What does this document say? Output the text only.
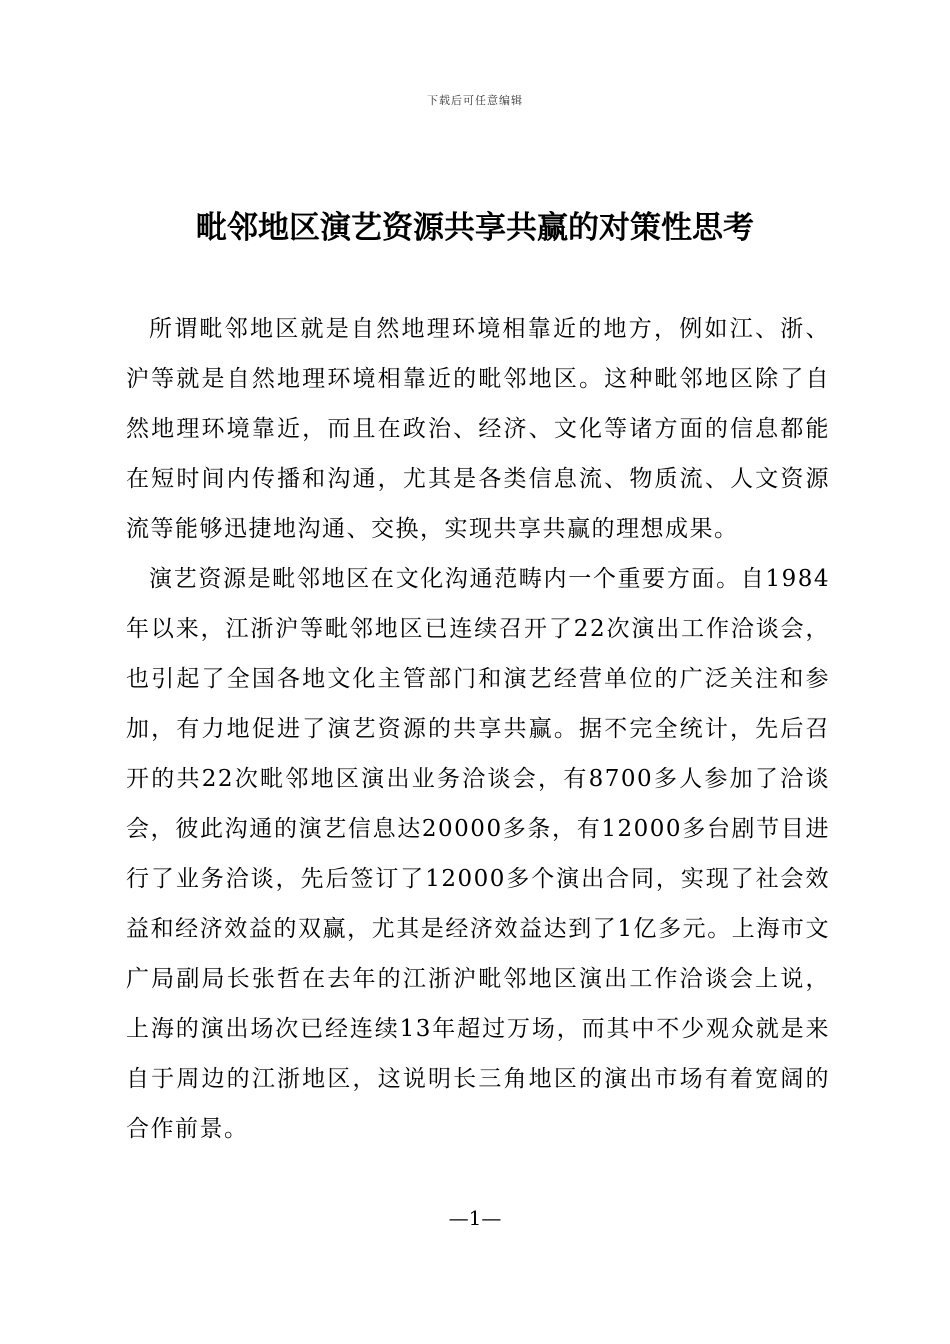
下载后可任意编辑
毗邻地区演艺资源共享共赢的对策性思考

所谓毗邻地区就是自然地理环境相靠近的地方，例如江、浙、沪等就是自然地理环境相靠近的毗邻地区。这种毗邻地区除了自然地理环境靠近，而且在政治、经济、文化等诸方面的信息都能在短时间内传播和沟通，尤其是各类信息流、物质流、人文资源流等能够迅捷地沟通、交换，实现共享共赢的理想成果。

演艺资源是毗邻地区在文化沟通范畴内一个重要方面。自1984年以来，江浙沪等毗邻地区已连续召开了22次演出工作洽谈会，也引起了全国各地文化主管部门和演艺经营单位的广泛关注和参加，有力地促进了演艺资源的共享共赢。据不完全统计，先后召开的共22次毗邻地区演出业务洽谈会，有8700多人参加了洽谈会，彼此沟通的演艺信息达20000多条，有12000多台剧节目进行了业务洽谈，先后签订了12000多个演出合同，实现了社会效益和经济效益的双赢，尤其是经济效益达到了1亿多元。上海市文广局副局长张哲在去年的江浙沪毗邻地区演出工作洽谈会上说，上海的演出场次已经连续13年超过万场，而其中不少观众就是来自于周边的江浙地区，这说明长三角地区的演出市场有着宽阔的合作前景。

—1—
